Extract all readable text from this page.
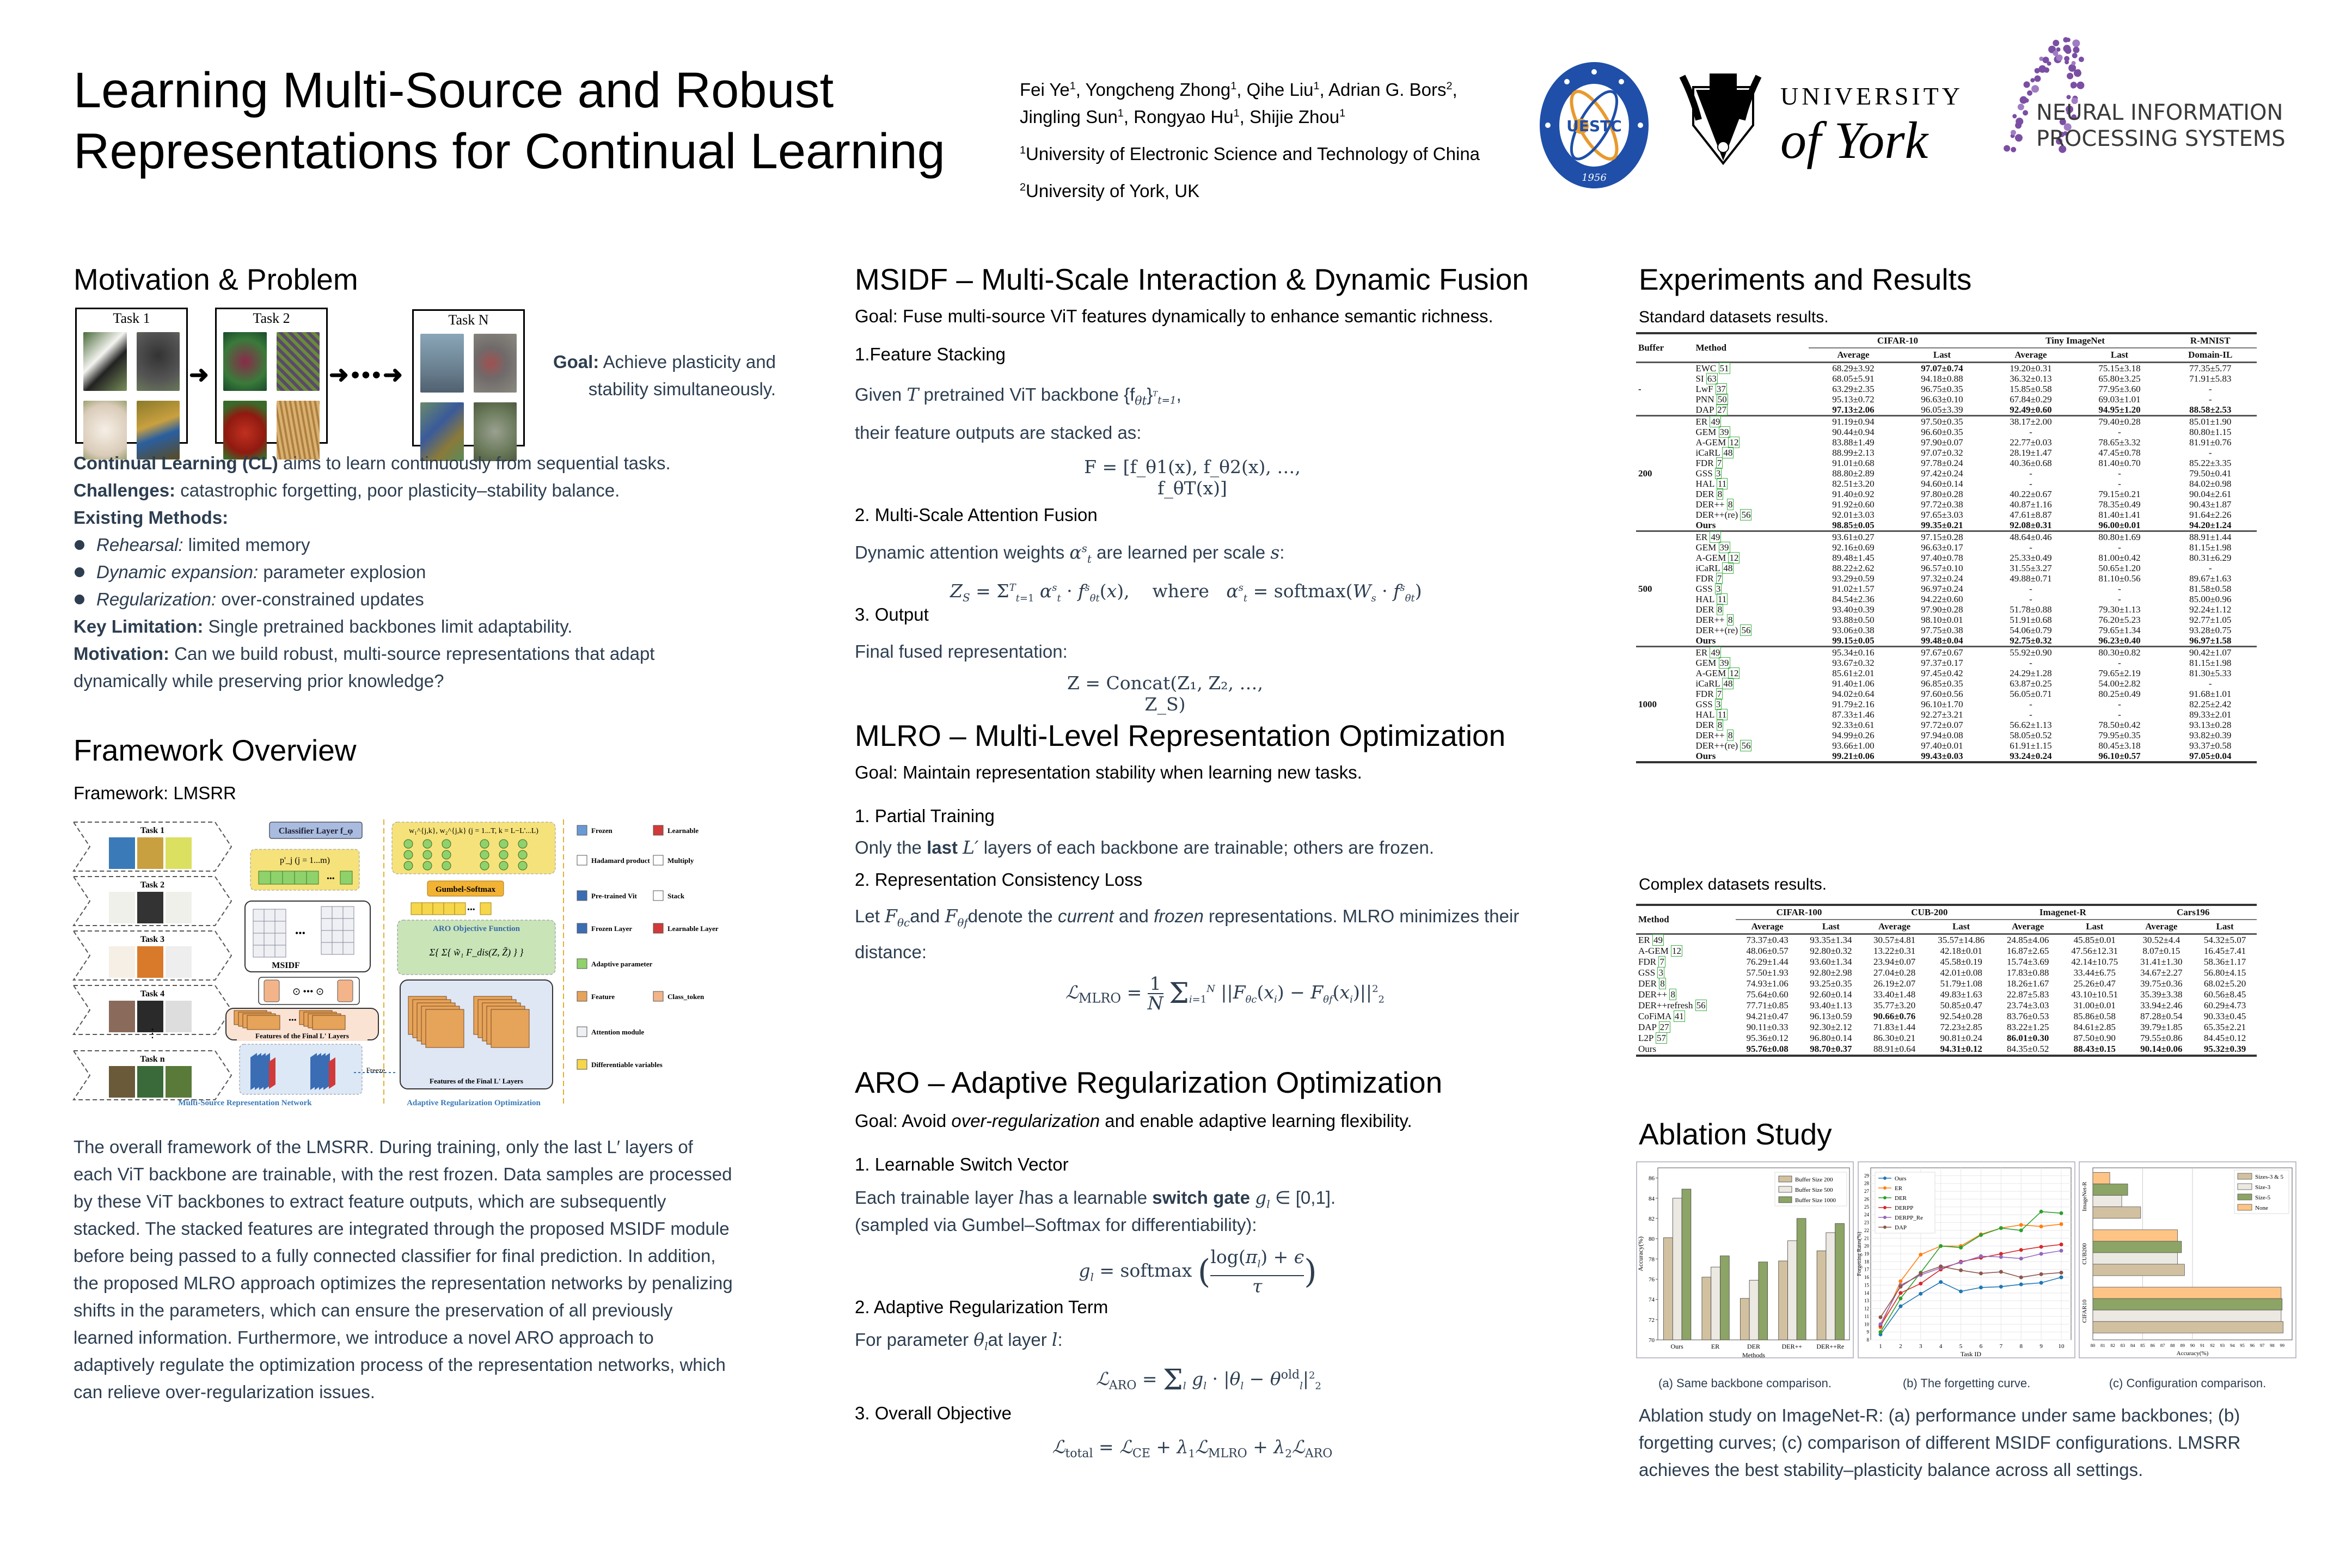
Learning Multi-Source and Robust
Representations for Continual Learning
Fei Ye$^1$, Yongcheng Zhong$^1$, Qihe Liu$^1$, Adrian G. Bors$^2$,
Jingling Sun$^1$, Rongyao Hu$^1$, Shijie Zhou$^1$
$^1$University of Electronic Science and Technology of China
$^2$University of York, UK
UESTC
1956
UNIVERSITY
of York	NEURAL INFORMATION
PROCESSING SYSTEMS
Motivation & Problem
Task 1
➜
Task 2
➜•••➜
Task N
Goal: Achieve plasticity and
stability simultaneously.
Continual Learning (CL) aims to learn continuously from sequential tasks.
Challenges: catastrophic forgetting, poor plasticity–stability balance.
Existing Methods:
Rehearsal: limited memory
Dynamic expansion: parameter explosion
Regularization: over-constrained updates
Key Limitation: Single pretrained backbones limit adaptability.
Motivation: Can we build robust, multi-source representations that adapt dynamically while preserving prior knowledge?
Framework Overview
Framework: LMSRR
Task 1
Task 2
Task 3
Task 4
Task n
⋮
Classifier Layer f_φ
p'_j (j = 1...m)
•••
•••
MSIDF
⊙ ••• ⊙
•••
w₁^{j,k}, w₂^{j,k} (j = 1...T, k = L−L'...L)
Gumbel-Softmax
•••
ARO Objective Function
Σ{ Σ{ w̃₁ F_dis(Z, Z̃) } }
Features of the Final L' Layers
Features of the Final L' Layers
Freeze
Multi-Source Representation Network	Adaptive Regularization Optimization
Frozen	Learnable
Hadamard product Multiply
Pre-trained Vit	Stack
Frozen Layer	Learnable Layer
Adaptive parameter
Feature	Class_token
Attention module
Differentiable variables
The overall framework of the LMSRR. During training, only the last L′ layers of each ViT backbone are trainable, with the rest frozen. Data samples are processed by these ViT backbones to extract feature outputs, which are subsequently stacked. The stacked features are integrated through the proposed MSIDF module before being passed to a fully connected classifier for final prediction. In addition, the proposed MLRO approach optimizes the representation networks by penalizing shifts in the parameters, which can ensure the preservation of all previously learned information. Furthermore, we introduce a novel ARO approach to adaptively regulate the optimization process of the representation networks, which can relieve over-regularization issues.
MSIDF – Multi-Scale Interaction & Dynamic Fusion
Goal: Fuse multi-source ViT features dynamically to enhance semantic richness.
1.Feature Stacking
Given T pretrained ViT backbone $\{f_{\theta t}\}^T_{t=1}$,
their feature outputs are stacked as:
F = [f_θ1(x), f_θ2(x), …, f_θT(x)]
2. Multi-Scale Attention Fusion
Dynamic attention weights $\alpha^s_t$ are learned per scale s:
$Z_S = \Sigma^T_{t=1}$ $\alpha^s_t \cdot f^s_{\theta t}(x)$,    where $\alpha^s_t$ = $softmax(W_s \cdot f^s_{\theta t})$
3. Output
Final fused representation:
Z = Concat(Z₁, Z₂, …, Z_S)
MLRO – Multi-Level Representation Optimization
Goal: Maintain representation stability when learning new tasks.
1. Partial Training
Only the last L′ layers of each backbone are trainable; others are frozen.
2. Representation Consistency Loss
Let $F_{\theta c}and$ $F_{\theta f}denote$ the current and frozen representations. MLRO minimizes their distance:
ℒ$_{MLRO}$ = $\frac{1}{N} \Sigma_{i=1}^N$ $||F_{\theta c}(x_i) - F_{\theta f}(x_i)||^2_2$
ARO – Adaptive Regularization Optimization
Goal: Avoid over-regularization and enable adaptive learning flexibility.
1. Learnable Switch Vector
Each trainable layer lhas a learnable switch gate $g_l$ ∈ [0,1].
(sampled via Gumbel–Softmax for differentiability):
$g_l$ = softmax ( $\frac{\log(\pi_l) + \epsilon}{\tau}$)
2. Adaptive Regularization Term
For parameter $\theta_lat$ layer l:
ℒ$_{ARO}$ = $\Sigma_l$ $g_l \cdot |\theta_l - \theta^{old}_l|^2_2$
3. Overall Objective
ℒ$_{total}$ = ℒ$_{CE}$ + $\lambda_1ℒ_{MLRO}$ + $\lambda_2ℒ_{ARO}$
Experiments and Results
Standard datasets results.
Buffer	Method	CIFAR-10		Tiny ImageNet		R-MNIST
		Average	Last	Average	Last	Domain-IL
-	EWC 51	68.29±3.92	97.07±0.74	19.20±0.31	75.15±3.18	77.35±5.77
	SI 63	68.05±5.91	94.18±0.88	36.32±0.13	65.80±3.25	71.91±5.83
	LwF 37	63.29±2.35	96.75±0.35	15.85±0.58	77.95±3.60	-
	PNN 50	95.13±0.72	96.63±0.10	67.84±0.29	69.03±1.01	-
	DAP 27	97.13±2.06	96.05±3.39	92.49±0.60	94.95±1.20	88.58±2.53
200	ER 49	91.19±0.94	97.50±0.35	38.17±2.00	79.40±0.28	85.01±1.90
	GEM 39	90.44±0.94	96.60±0.35	-	-	80.80±1.15
	A-GEM 12	83.88±1.49	97.90±0.07	22.77±0.03	78.65±3.32	81.91±0.76
	iCaRL 48	88.99±2.13	97.07±0.32	28.19±1.47	47.45±0.78	-
	FDR 7	91.01±0.68	97.78±0.24	40.36±0.68	81.40±0.70	85.22±3.35
	GSS 3	88.80±2.89	97.42±0.24	-	-	79.50±0.41
	HAL 11	82.51±3.20	94.60±0.14	-	-	84.02±0.98
	DER 8	91.40±0.92	97.80±0.28	40.22±0.67	79.15±0.21	90.04±2.61
	DER++ 8	91.92±0.60	97.72±0.38	40.87±1.16	78.35±0.49	90.43±1.87
	DER++(re) 56	92.01±3.03	97.65±3.03	47.61±8.87	81.40±1.41	91.64±2.26
	Ours	98.85±0.05	99.35±0.21	92.08±0.31	96.00±0.01	94.20±1.24
500	ER 49	93.61±0.27	97.15±0.28	48.64±0.46	80.80±1.69	88.91±1.44
	GEM 39	92.16±0.69	96.63±0.17	-	-	81.15±1.98
	A-GEM 12	89.48±1.45	97.40±0.78	25.33±0.49	81.00±0.42	80.31±6.29
	iCaRL 48	88.22±2.62	96.57±0.10	31.55±3.27	50.65±1.20	-
	FDR 7	93.29±0.59	97.32±0.24	49.88±0.71	81.10±0.56	89.67±1.63
	GSS 3	91.02±1.57	96.97±0.24	-	-	81.58±0.58
	HAL 11	84.54±2.36	94.22±0.60	-	-	85.00±0.96
	DER 8	93.40±0.39	97.90±0.28	51.78±0.88	79.30±1.13	92.24±1.12
	DER++ 8	93.88±0.50	98.10±0.01	51.91±0.68	76.20±5.23	92.77±1.05
	DER++(re) 56	93.06±0.38	97.75±0.38	54.06±0.79	79.65±1.34	93.28±0.75
	Ours	99.15±0.05	99.48±0.04	92.75±0.32	96.23±0.40	96.97±1.58
1000	ER 49	95.34±0.16	97.67±0.67	55.92±0.90	80.30±0.82	90.42±1.07
	GEM 39	93.67±0.32	97.37±0.17	-	-	81.15±1.98
	A-GEM 12	85.61±2.01	97.45±0.42	24.29±1.28	79.65±2.19	81.30±5.33
	iCaRL 48	91.40±1.06	96.85±0.35	63.87±0.25	54.00±2.82	-
	FDR 7	94.02±0.64	97.60±0.56	56.05±0.71	80.25±0.49	91.68±1.01
	GSS 3	91.79±2.16	96.10±1.70	-	-	82.25±2.42
	HAL 11	87.33±1.46	92.27±3.21	-	-	89.33±2.01
	DER 8	92.33±0.61	97.72±0.07	56.62±1.13	78.50±0.42	93.13±0.28
	DER++ 8	94.99±0.26	97.94±0.08	58.05±0.52	79.95±0.35	93.82±0.39
	DER++(re) 56	93.66±1.00	97.40±0.01	61.91±1.15	80.45±3.18	93.37±0.58
	Ours	99.21±0.06	99.43±0.03	93.24±0.24	96.10±0.57	97.05±0.04
Complex datasets results.
Method	CIFAR-100		CUB-200		Imagenet-R		Cars196	
	Average	Last	Average	Last	Average	Last	Average	Last
ER 49	73.37±0.43	93.35±1.34	30.57±4.81	35.57±14.86	24.85±4.06	45.85±0.01	30.52±4.4	54.32±5.07
A-GEM 12	48.06±0.57	92.80±0.32	13.22±0.31	42.18±0.01	16.87±2.65	47.56±12.31	8.07±0.15	16.45±7.41
FDR 7	76.29±1.44	93.60±1.34	23.94±0.07	45.58±0.19	15.74±3.69	42.14±10.75	31.41±1.30	58.36±1.17
GSS 3	57.50±1.93	92.80±2.98	27.04±0.28	42.01±0.08	17.83±0.88	33.44±6.75	34.67±2.27	56.80±4.15
DER 8	74.93±1.06	93.25±0.35	26.19±2.07	51.79±1.08	18.26±1.67	25.26±0.47	39.75±0.36	68.02±5.20
DER++ 8	75.64±0.60	92.60±0.14	33.40±1.48	49.83±1.63	22.87±5.83	43.10±10.51	35.39±3.38	60.56±8.45
DER++refresh 56	77.71±0.85	93.40±1.13	35.77±3.20	50.85±0.47	23.74±3.03	31.00±0.01	33.94±2.46	60.29±4.73
CoFiMA 41	94.21±0.47	96.13±0.59	90.66±0.76	92.54±0.28	83.76±0.53	85.86±0.58	87.28±0.54	90.33±0.45
DAP 27	90.11±0.33	92.30±2.12	71.83±1.44	72.23±2.85	83.22±1.25	84.61±2.85	39.79±1.85	65.35±2.21
L2P 57	95.36±0.12	96.80±0.14	86.30±0.21	90.81±0.24	86.01±0.30	87.50±0.90	79.55±0.86	84.45±0.12
Ours	95.76±0.08	98.70±0.37	88.91±0.64	94.31±0.12	84.35±0.52	88.43±0.15	90.14±0.06	95.32±0.39
Ablation Study
70
72
74
76
78
80
82
84
86
Ours	ER	DER	DER++ DER++Re
Methods
Accuracy(%)
Buffer Size 200
Buffer Size 500
Buffer Size 1000
8
9
10
11
12
13
14
15
16
17
18
19
20
21
22
23
24
25
26
27
28
29
1	2	3	4	5	6	7	8	9	10
Task ID
Forgetting Rates(%)
Ours
ER
DER
DERPP
DERPP_Re
DAP
80 81 82 83 84 85 86 87 88 89 90 91 92 93 94 95 96 97 98 99
ImageNet-R
CUB200
CIFAR10
Accuracy(%)
Sizes-3 & 5
Size-3
Size-5
None
(a) Same backbone comparison.	(b) The forgetting curve.	(c) Configuration comparison.
Ablation study on ImageNet-R: (a) performance under same backbones; (b) forgetting curves; (c) comparison of different MSIDF configurations. LMSRR achieves the best stability–plasticity balance across all settings.
